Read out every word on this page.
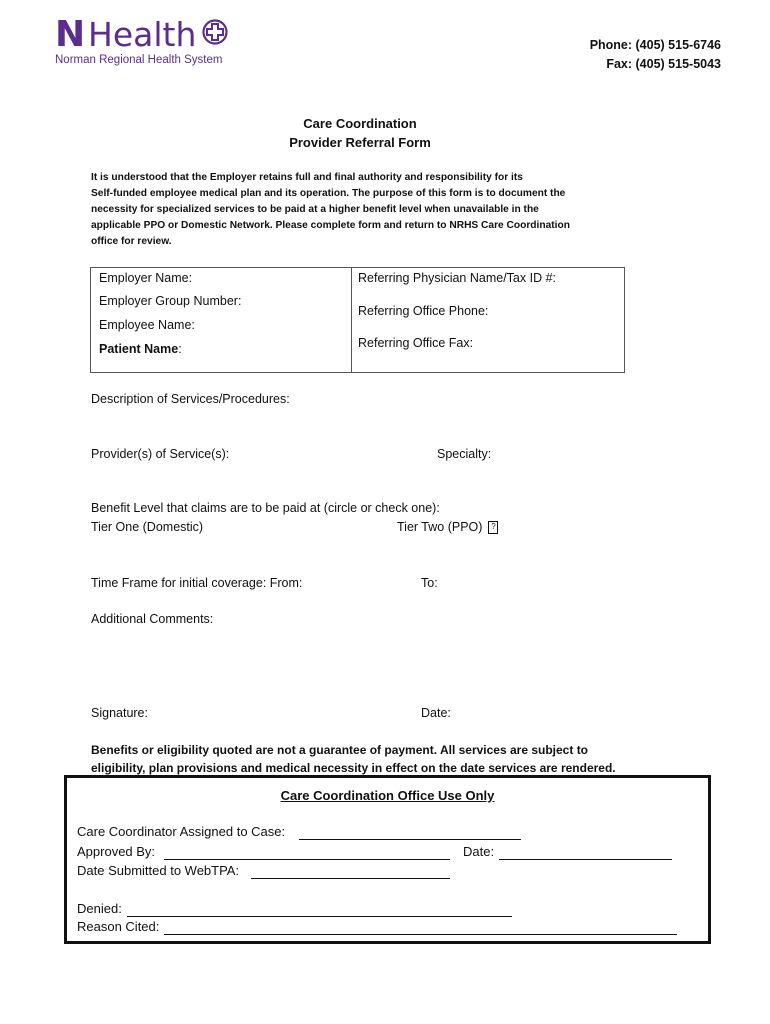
N Health
Norman Regional Health System
Phone: (405) 515-6746
Fax: (405) 515-5043
Care Coordination
Provider Referral Form
It is understood that the Employer retains full and final authority and responsibility for its
Self-funded employee medical plan and its operation. The purpose of this form is to document the
necessity for specialized services to be paid at a higher benefit level when unavailable in the
applicable PPO or Domestic Network. Please complete form and return to NRHS Care Coordination
office for review.
Employer Name:
Employer Group Number:
Employee Name:
Patient Name:
Referring Physician Name/Tax ID #:
Referring Office Phone:
Referring Office Fax:
Description of Services/Procedures:
Provider(s) of Service(s):	Specialty:
Benefit Level that claims are to be paid at (circle or check one):
Tier One (Domestic)	Tier Two (PPO) ?
Time Frame for initial coverage: From:	To:
Additional Comments:
Signature:	Date:
Benefits or eligibility quoted are not a guarantee of payment. All services are subject to
eligibility, plan provisions and medical necessity in effect on the date services are rendered.
Care Coordination Office Use Only
Care Coordinator Assigned to Case:
Approved By:	Date:
Date Submitted to WebTPA:
Denied:
Reason Cited:
